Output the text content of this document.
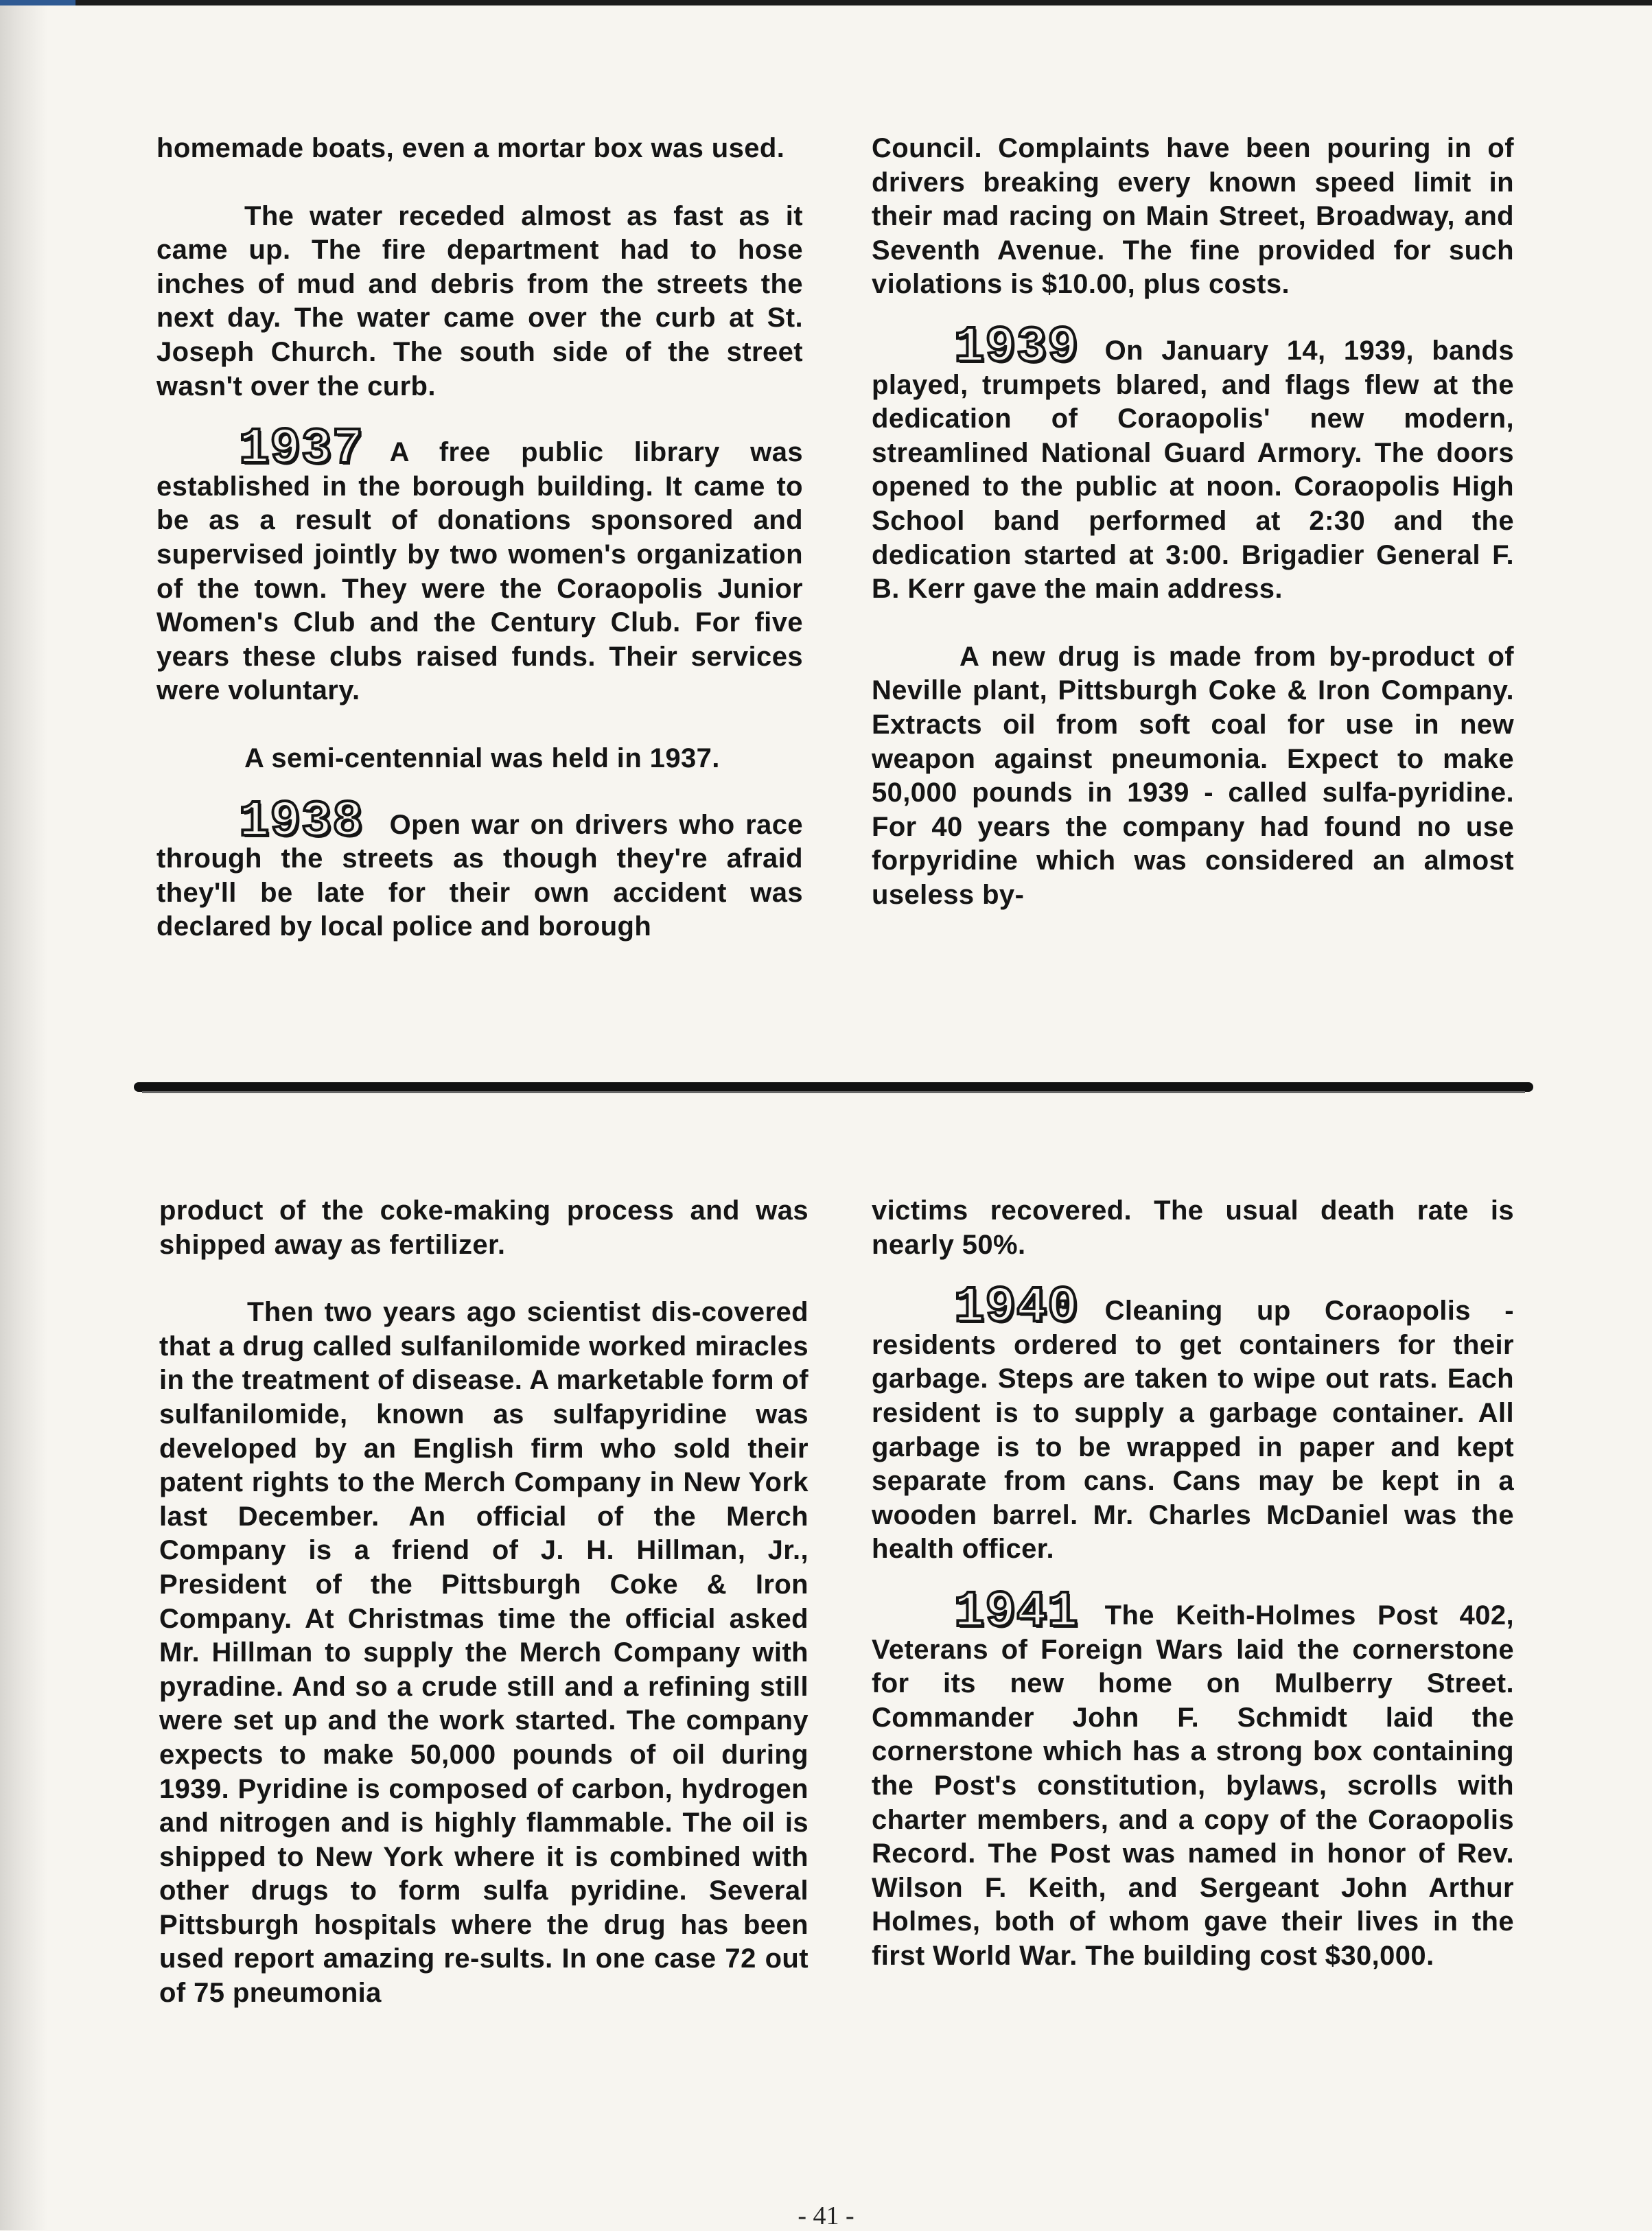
homemade boats, even a mortar box was used.

The water receded almost as fast as it came up. The fire department had to hose inches of mud and debris from the streets the next day. The water came over the curb at St. Joseph Church. The south side of the street wasn't over the curb.

1937 A free public library was established in the borough building. It came to be as a result of donations sponsored and supervised jointly by two women's organization of the town. They were the Coraopolis Junior Women's Club and the Century Club. For five years these clubs raised funds. Their services were voluntary.

A semi-centennial was held in 1937.

1938 Open war on drivers who race through the streets as though they're afraid they'll be late for their own accident was declared by local police and borough

Council. Complaints have been pouring in of drivers breaking every known speed limit in their mad racing on Main Street, Broadway, and Seventh Avenue. The fine provided for such violations is $10.00, plus costs.

1939 On January 14, 1939, bands played, trumpets blared, and flags flew at the dedication of Coraopolis' new modern, streamlined National Guard Armory. The doors opened to the public at noon. Coraopolis High School band performed at 2:30 and the dedication started at 3:00. Brigadier General F. B. Kerr gave the main address.

A new drug is made from by-product of Neville plant, Pittsburgh Coke & Iron Company. Extracts oil from soft coal for use in new weapon against pneumonia. Expect to make 50,000 pounds in 1939 - called sulfa-pyridine. For 40 years the company had found no use forpyridine which was considered an almost useless by-

product of the coke-making process and was shipped away as fertilizer.

Then two years ago scientist dis-covered that a drug called sulfanilomide worked miracles in the treatment of disease. A marketable form of sulfanilomide, known as sulfapyridine was developed by an English firm who sold their patent rights to the Merch Company in New York last December. An official of the Merch Company is a friend of J. H. Hillman, Jr., President of the Pittsburgh Coke & Iron Company. At Christmas time the official asked Mr. Hillman to supply the Merch Company with pyradine. And so a crude still and a refining still were set up and the work started. The company expects to make 50,000 pounds of oil during 1939. Pyridine is composed of carbon, hydrogen and nitrogen and is highly flammable. The oil is shipped to New York where it is combined with other drugs to form sulfa pyridine. Several Pittsburgh hospitals where the drug has been used report amazing re-sults. In one case 72 out of 75 pneumonia

victims recovered. The usual death rate is nearly 50%.

1940 Cleaning up Coraopolis - residents ordered to get containers for their garbage. Steps are taken to wipe out rats. Each resident is to supply a garbage container. All garbage is to be wrapped in paper and kept separate from cans. Cans may be kept in a wooden barrel. Mr. Charles McDaniel was the health officer.

1941 The Keith-Holmes Post 402, Veterans of Foreign Wars laid the cornerstone for its new home on Mulberry Street. Commander John F. Schmidt laid the cornerstone which has a strong box containing the Post's constitution, bylaws, scrolls with charter members, and a copy of the Coraopolis Record. The Post was named in honor of Rev. Wilson F. Keith, and Sergeant John Arthur Holmes, both of whom gave their lives in the first World War. The building cost $30,000.

- 41 -
